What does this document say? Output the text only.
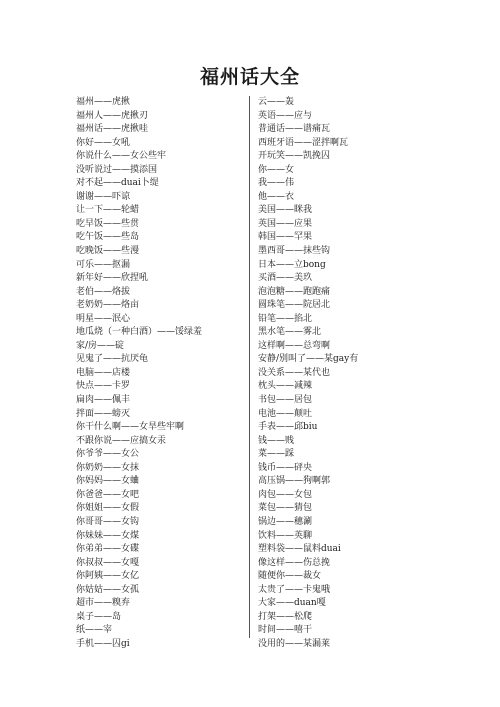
福州话大全
福州——虎揪
福州人——虎揪刃
福州话——虎揪哇
你好——女吼
你说什么——女公些牢
没听说过——摸添国
对不起——duai卜缇
谢谢——吓谅
让一下——轮蜡
吃早饭——些贯
吃午饭——些岛
吃晚饭——些漫
可乐——抠漏
新年好——欣捏吼
老伯——烙拔
老奶奶——烙亩
明星——泯心
地瓜烧（一种白酒）——馁绿羞
家/房——碇
见鬼了——抗厌龟
电脑——店楼
快点——卡罗
扁肉——佩丰
拌面——螃灭
你干什么啊——女旱些牢啊
不跟你说——应搞女汞
你爷爷——女公
你奶奶——女抹
你妈妈——女蛐
你爸爸——女吧
你姐姐——女假
你哥哥——女钩
你妹妹——女煤
你弟弟——女碟
你叔叔——女嘎
你阿姨——女亿
你姑姑——女孤
超市——糗弃
桌子——岛
纸——宰
手机——囚gi
云——轰
英语——应与
普通话——谱痛瓦
西班牙语——涩拌啊瓦
开玩笑——凯挽囚
你——女
我——伟
他——衣
美国——眯我
英国——应果
韩国——罕果
墨西哥——抹些钩
日本——立bong
买酒——美玖
泡泡糖——跑跑痛
圆珠笔——院居北
铅笔——掐北
黑水笔——雾北
这样啊——总弯啊
安静/别叫了——某gay有
没关系——某代也
枕头——减辣
书包——居包
电池——颠吐
手表——邱biu
钱——贱
菜——踩
钱币——砰央
高压锅——狗啊郭
肉包——女包
菜包——猜包
锅边——穗涮
饮料——英聊
塑料袋——鼠料duai
像这样——伤总挽
随便你——裁女
太贵了——卡鬼哦
大家——duan嘎
打架——松爬
时间——嘻干
没用的——某漏莱
